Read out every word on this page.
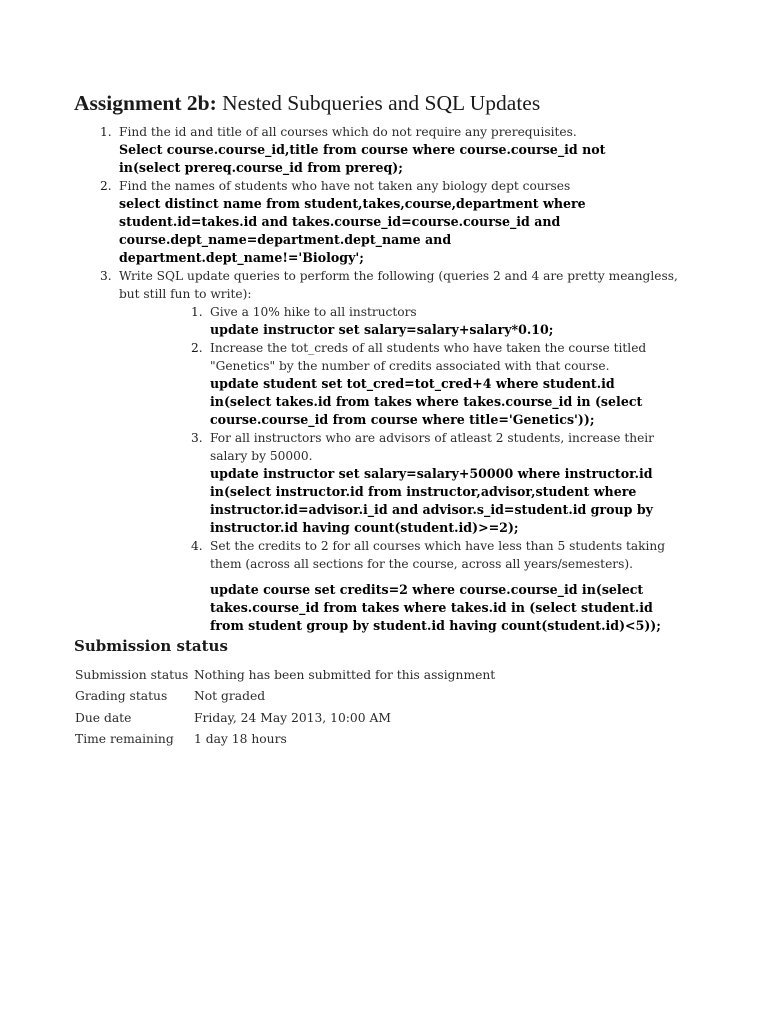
Assignment 2b: Nested Subqueries and SQL Updates
1. Find the id and title of all courses which do not require any prerequisites.
Select course.course_id,title from course where course.course_id not in(select prereq.course_id from prereq);
2. Find the names of students who have not taken any biology dept courses
select distinct name from student,takes,course,department where student.id=takes.id and takes.course_id=course.course_id and course.dept_name=department.dept_name and department.dept_name!='Biology';
3. Write SQL update queries to perform the following (queries 2 and 4 are pretty meangless, but still fun to write):
1. Give a 10% hike to all instructors
update instructor set salary=salary+salary*0.10;
2. Increase the tot_creds of all students who have taken the course titled "Genetics" by the number of credits associated with that course.
update student set tot_cred=tot_cred+4 where student.id in(select takes.id from takes where takes.course_id in (select course.course_id from course where title='Genetics'));
3. For all instructors who are advisors of atleast 2 students, increase their salary by 50000.
update instructor set salary=salary+50000 where instructor.id in(select instructor.id from instructor,advisor,student where instructor.id=advisor.i_id and advisor.s_id=student.id group by instructor.id having count(student.id)>=2);
4. Set the credits to 2 for all courses which have less than 5 students taking them (across all sections for the course, across all years/semesters).
update course set credits=2 where course.course_id in(select takes.course_id from takes where takes.id in (select student.id from student group by student.id having count(student.id)<5));
Submission status
Submission status	Nothing has been submitted for this assignment
Grading status	Not graded
Due date	Friday, 24 May 2013, 10:00 AM
Time remaining	1 day 18 hours
